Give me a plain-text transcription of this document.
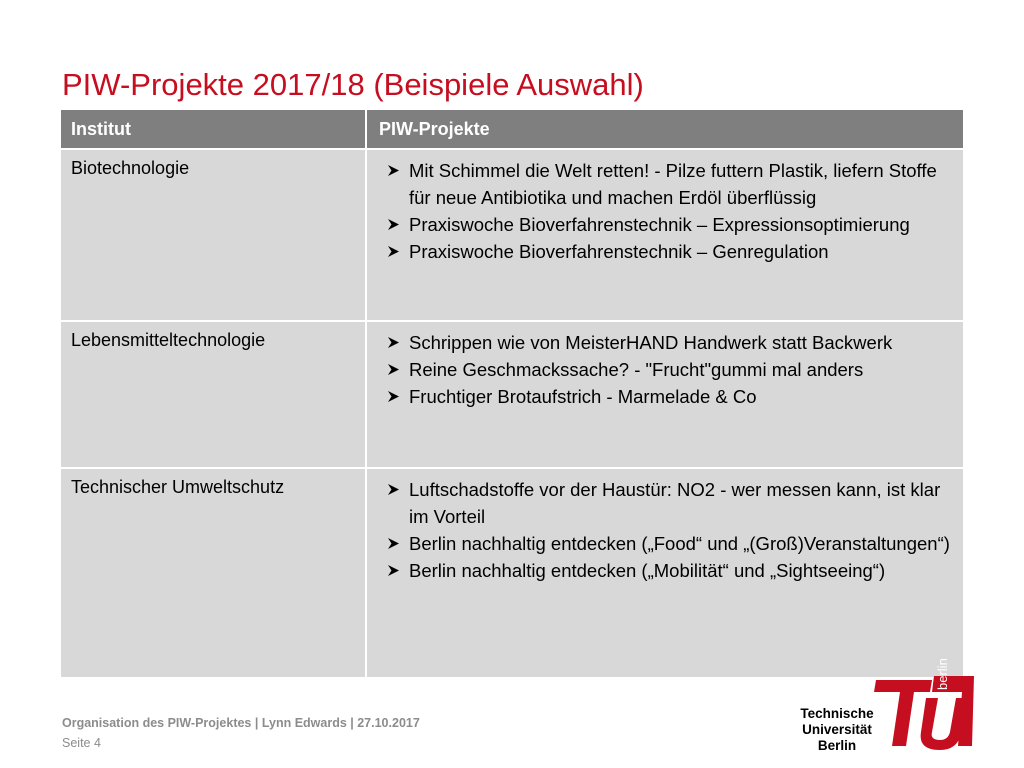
PIW-Projekte 2017/18 (Beispiele Auswahl)
Institut	PIW-Projekte
Biotechnologie	Mit Schimmel die Welt retten! - Pilze futtern Plastik, liefern Stoffe für neue Antibiotika und machen Erdöl überflüssig
Praxiswoche Bioverfahrenstechnik – Expressionsoptimierung
Praxiswoche Bioverfahrenstechnik – Genregulation
Lebensmitteltechnologie	Schrippen wie von MeisterHAND Handwerk statt Backwerk
Reine Geschmackssache? - "Frucht"gummi mal anders
Fruchtiger Brotaufstrich - Marmelade & Co
Technischer Umweltschutz	Luftschadstoffe vor der Haustür: NO2 - wer messen kann, ist klar im Vorteil
Berlin nachhaltig entdecken („Food“ und „(Groß)Veranstaltungen“)
Berlin nachhaltig entdecken („Mobilität“ und „Sightseeing“)
Organisation des PIW-Projektes | Lynn Edwards | 27.10.2017
Seite 4
Technische
Universität
Berlin
berlin
